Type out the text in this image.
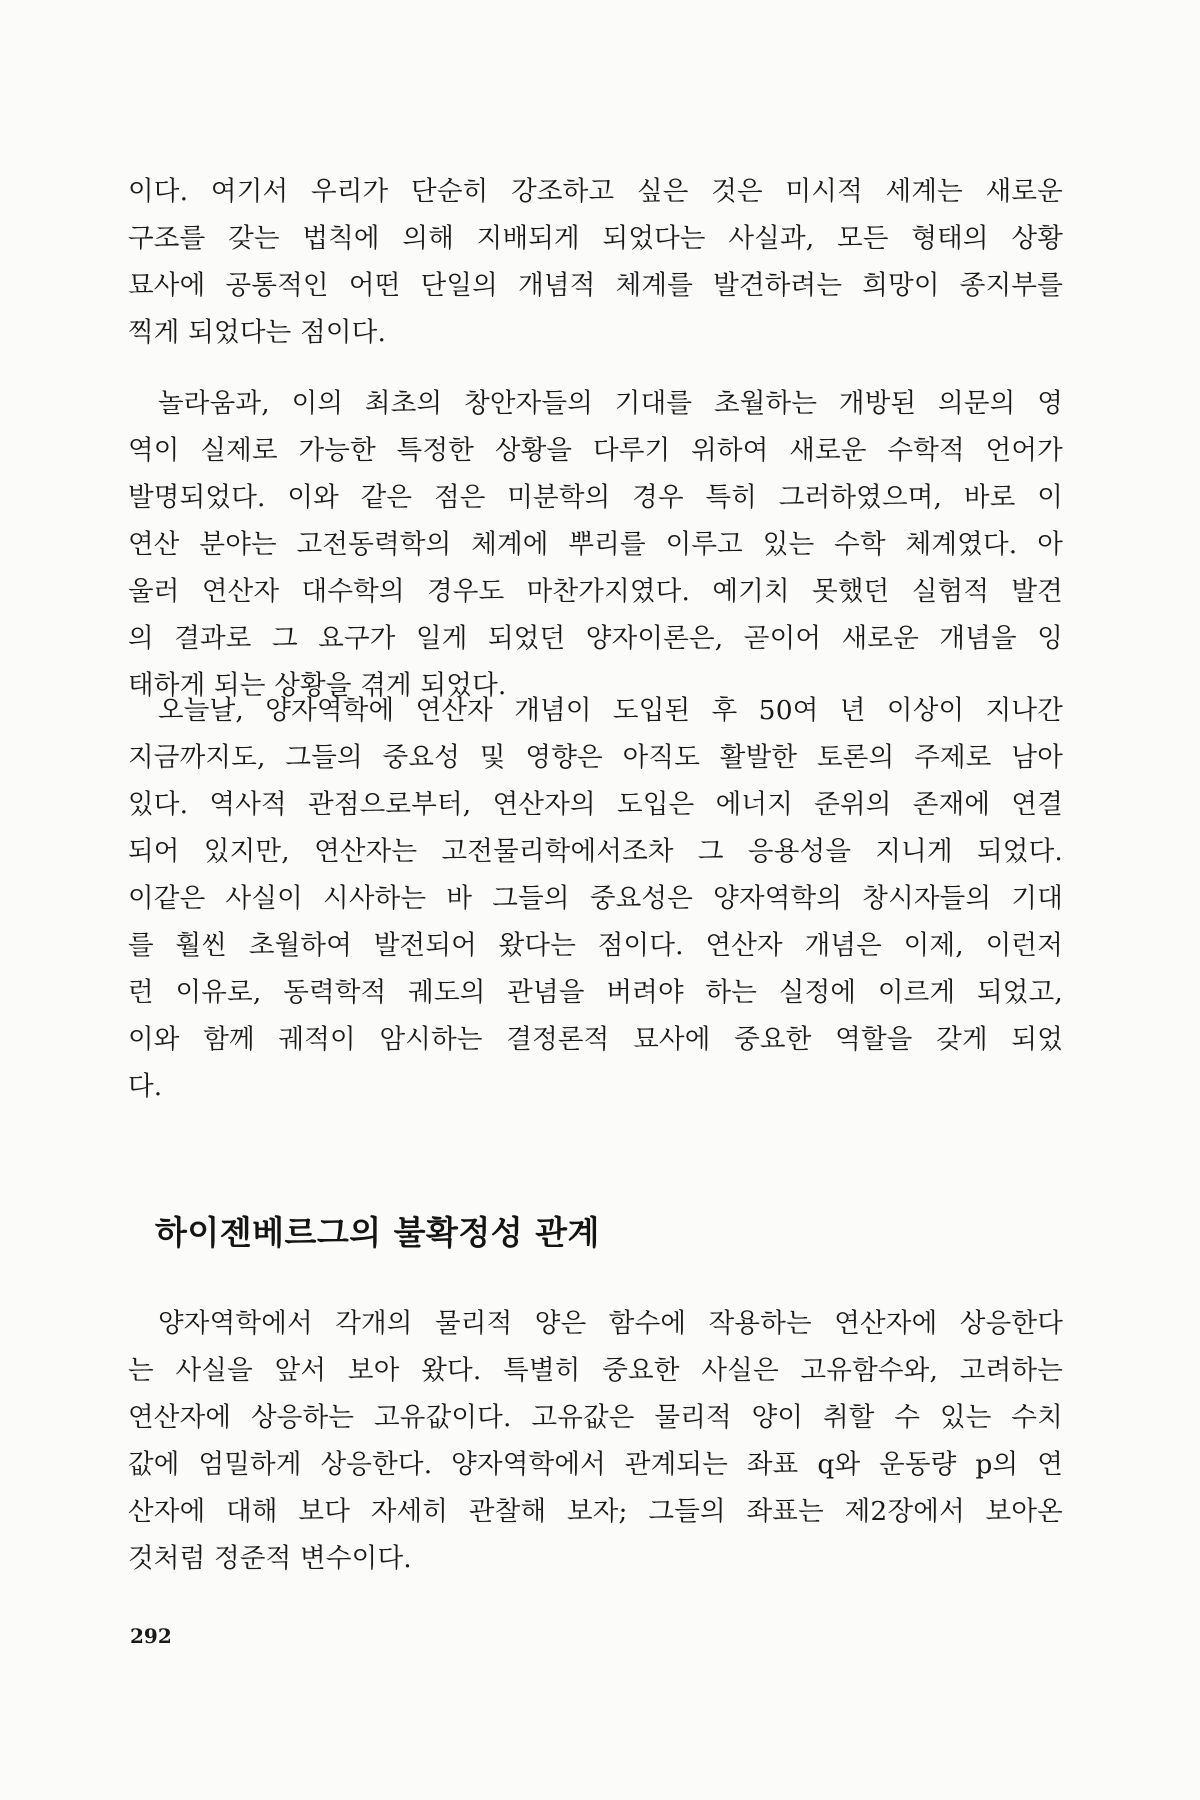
이다. 여기서 우리가 단순히 강조하고 싶은 것은 미시적 세계는 새로운
구조를 갖는 법칙에 의해 지배되게 되었다는 사실과, 모든 형태의 상황
묘사에 공통적인 어떤 단일의 개념적 체계를 발견하려는 희망이 종지부를
찍게 되었다는 점이다.
놀라움과, 이의 최초의 창안자들의 기대를 초월하는 개방된 의문의 영
역이 실제로 가능한 특정한 상황을 다루기 위하여 새로운 수학적 언어가
발명되었다. 이와 같은 점은 미분학의 경우 특히 그러하였으며, 바로 이
연산 분야는 고전동력학의 체계에 뿌리를 이루고 있는 수학 체계였다. 아
울러 연산자 대수학의 경우도 마찬가지였다. 예기치 못했던 실험적 발견
의 결과로 그 요구가 일게 되었던 양자이론은, 곧이어 새로운 개념을 잉
태하게 되는 상황을 겪게 되었다.
오늘날, 양자역학에 연산자 개념이 도입된 후 50여 년 이상이 지나간
지금까지도, 그들의 중요성 및 영향은 아직도 활발한 토론의 주제로 남아
있다. 역사적 관점으로부터, 연산자의 도입은 에너지 준위의 존재에 연결
되어 있지만, 연산자는 고전물리학에서조차 그 응용성을 지니게 되었다.
이같은 사실이 시사하는 바 그들의 중요성은 양자역학의 창시자들의 기대
를 훨씬 초월하여 발전되어 왔다는 점이다. 연산자 개념은 이제, 이런저
런 이유로, 동력학적 궤도의 관념을 버려야 하는 실정에 이르게 되었고,
이와 함께 궤적이 암시하는 결정론적 묘사에 중요한 역할을 갖게 되었
다.
하이젠베르그의 불확정성 관계
양자역학에서 각개의 물리적 양은 함수에 작용하는 연산자에 상응한다
는 사실을 앞서 보아 왔다. 특별히 중요한 사실은 고유함수와, 고려하는
연산자에 상응하는 고유값이다. 고유값은 물리적 양이 취할 수 있는 수치
값에 엄밀하게 상응한다. 양자역학에서 관계되는 좌표 q와 운동량 p의 연
산자에 대해 보다 자세히 관찰해 보자; 그들의 좌표는 제2장에서 보아온
것처럼 정준적 변수이다.
292
